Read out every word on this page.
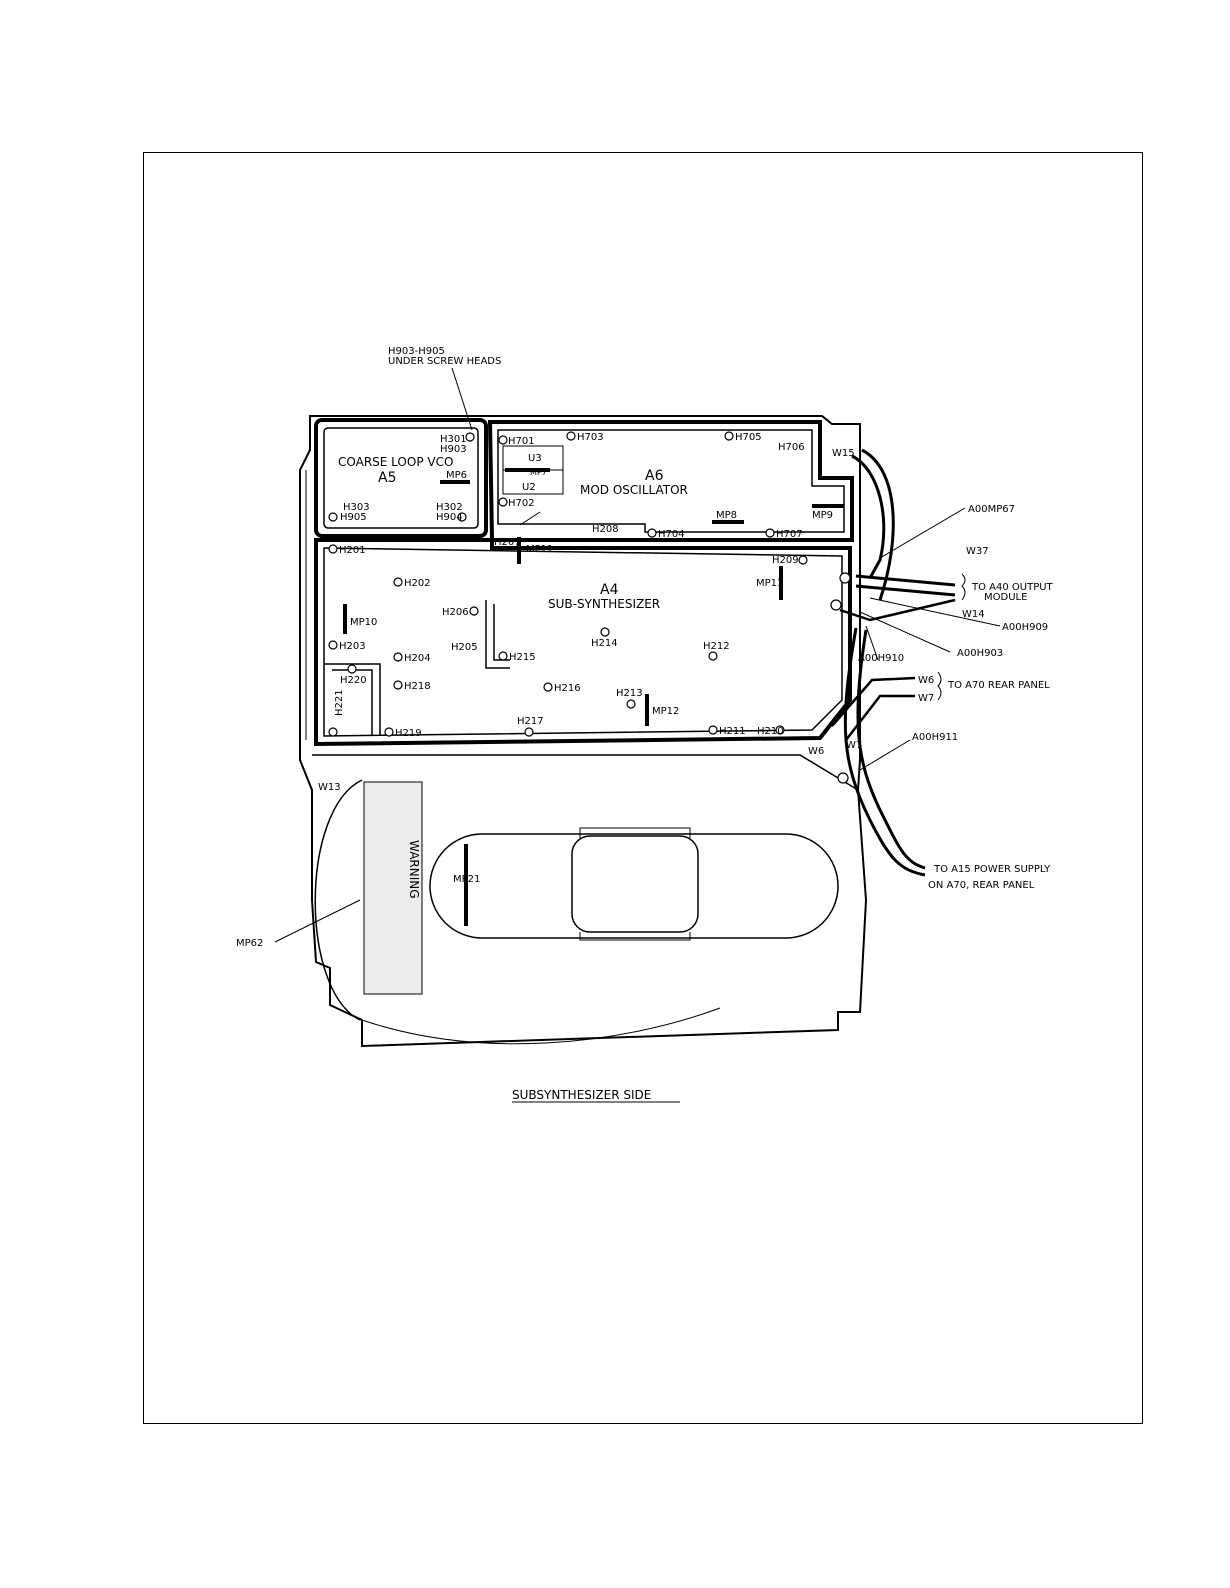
H903-H905
UNDER SCREW HEADS
COARSE LOOP VCO
A5	A6
MOD OSCILLATOR
A4
SUB-SYNTHESIZER
U3
MP7
U2
H301
H903
MP6
H303
H905
H302
H904
H701	H703	H705
H706
H702
H704	H707
H208
MP8	MP9
W15
H207
MP11
H201
H202
H206
MP10
H203
H204
H205
H215
H214	H212
H209
MP13
H220
H218	H216	H213
MP12
H221
H219
H217
H211 H210
W13
W6
W7
MP21
WARNING
MP62
A00MP67
W37
TO A40 OUTPUT
MODULE
W14
A00H909
A00H903
A00H910
W6
W7
TO A70 REAR PANEL
A00H911
TO A15 POWER SUPPLY
ON A70, REAR PANEL
SUBSYNTHESIZER SIDE
